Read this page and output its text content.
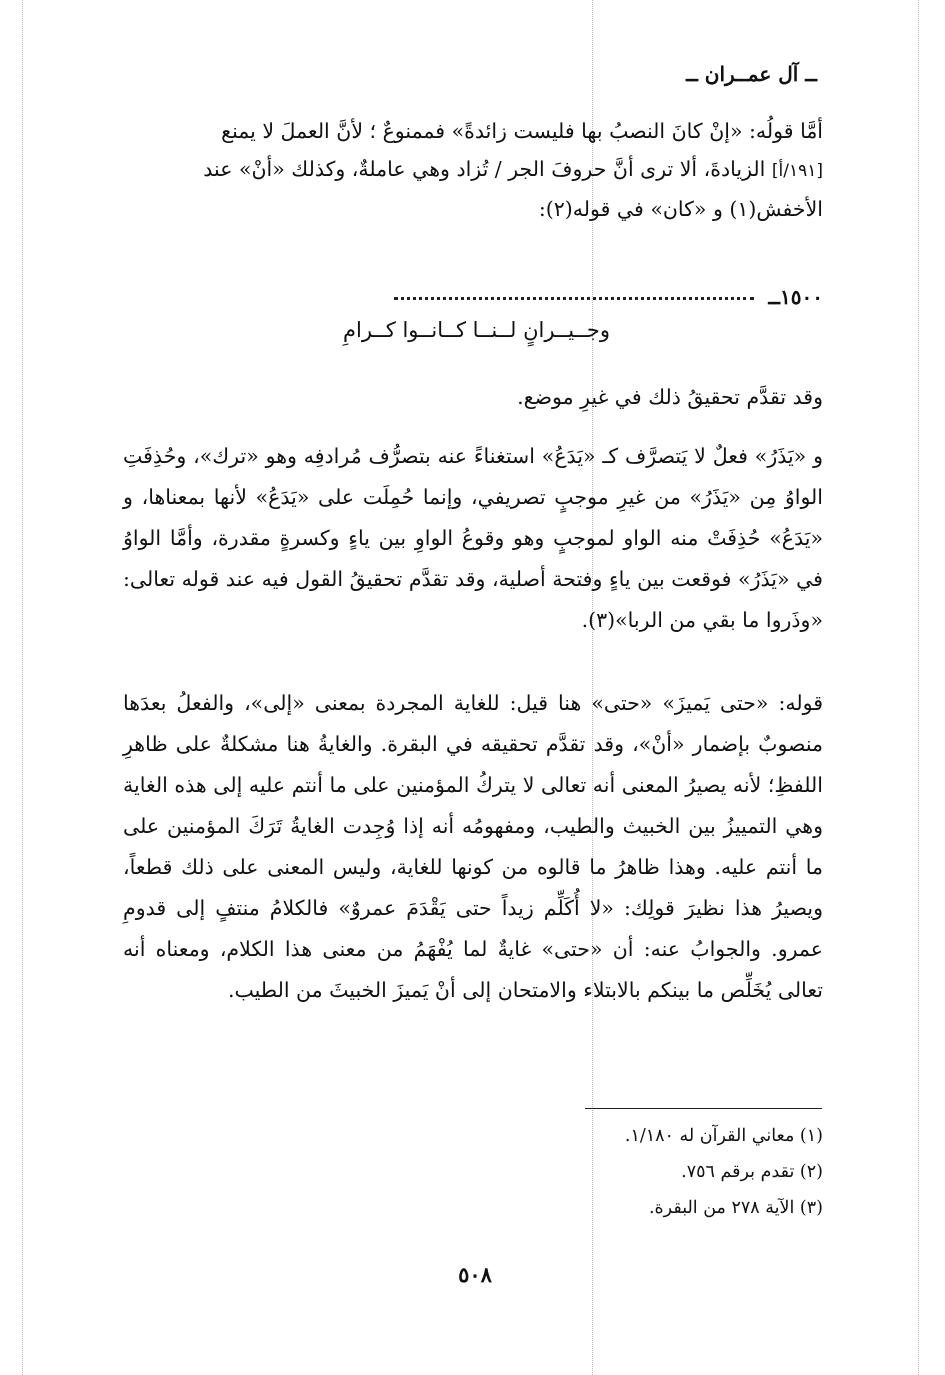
ــ آل عمــران ــ

أمَّا قولُه: «إنْ كانَ النصبُ بها فليست زائدةً» فممنوعٌ ؛ لأنَّ العملَ لا يمنع
[١٩١/أ] الزيادةَ، ألا ترى أنَّ حروفَ الجر / تُزاد وهي عاملةٌ، وكذلك «أنْ» عند
الأخفش(١) و «كان» في قوله(٢):

١٥٠٠ــ
وجــيــرانٍ لــنــا كــانــوا كــرامِ

وقد تقدَّم تحقيقُ ذلك في غيرِ موضع.

و «يَذَرُ» فعلٌ لا يَتصرَّف كـ «يَدَعُ» استغناءً عنه بتصرُّف مُرادفِه وهو «ترك»، وحُذِفَتِ الواوُ مِن «يَذَرُ» من غيرِ موجبٍ تصريفي، وإنما حُمِلَت على «يَدَعُ» لأنها بمعناها، و «يَدَعُ» حُذِفَتْ منه الواو لموجبٍ وهو وقوعُ الواوِ بين ياءٍ وكسرةٍ مقدرة، وأمَّا الواوُ في «يَذَرُ» فوقعت بين ياءٍ وفتحة أصلية، وقد تقدَّم تحقيقُ القول فيه عند قوله تعالى: «وذَروا ما بقي من الربا»(٣).

قوله: «حتى يَميزَ» «حتى» هنا قيل: للغاية المجردة بمعنى «إلى»، والفعلُ بعدَها منصوبٌ بإضمار «أنْ»، وقد تقدَّم تحقيقه في البقرة. والغايةُ هنا مشكلةٌ على ظاهرِ اللفظِ؛ لأنه يصيرُ المعنى أنه تعالى لا يتركُ المؤمنين على ما أنتم عليه إلى هذه الغاية وهي التمييزُ بين الخبيث والطيب، ومفهومُه أنه إذا وُجِدت الغايةُ تَرَكَ المؤمنين على ما أنتم عليه. وهذا ظاهرُ ما قالوه من كونها للغاية، وليس المعنى على ذلك قطعاً، ويصيرُ هذا نظيرَ قولِك: «لا أُكَلِّم زيداً حتى يَقْدَمَ عمروٌ» فالكلامُ منتفٍ إلى قدومِ عمرو. والجوابُ عنه: أن «حتى» غايةٌ لما يُفْهَمُ من معنى هذا الكلام، ومعناه أنه تعالى يُخَلِّص ما بينكم بالابتلاء والامتحان إلى أنْ يَميزَ الخبيثَ من الطيب.

(١) معاني القرآن له ١/١٨٠.
(٢) تقدم برقم ٧٥٦.
(٣) الآية ٢٧٨ من البقرة.
٥٠٨
